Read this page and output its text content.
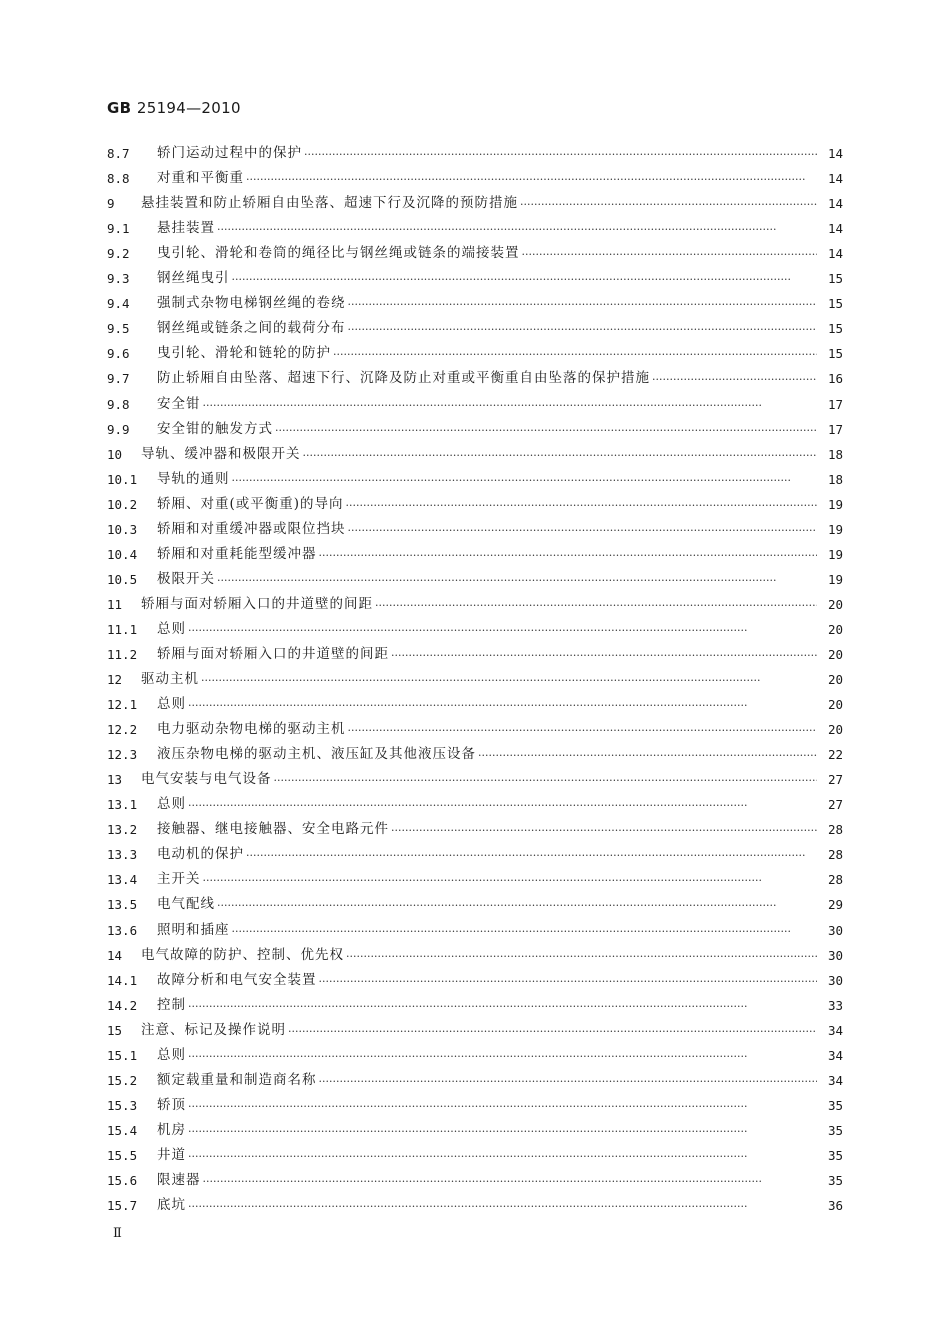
GB 25194—2010
8.7	轿门运动过程中的保护 ·····	14
8.8	对重和平衡重 ·····	14
9	悬挂装置和防止轿厢自由坠落、超速下行及沉降的预防措施 ·····	14
9.1	悬挂装置 ·····	14
9.2	曳引轮、滑轮和卷筒的绳径比与钢丝绳或链条的端接装置 ·····	14
9.3	钢丝绳曳引 ·····	15
9.4	强制式杂物电梯钢丝绳的卷绕 ·····	15
9.5	钢丝绳或链条之间的载荷分布 ·····	15
9.6	曳引轮、滑轮和链轮的防护 ·····	15
9.7	防止轿厢自由坠落、超速下行、沉降及防止对重或平衡重自由坠落的保护措施 ·····	16
9.8	安全钳 ·····	17
9.9	安全钳的触发方式 ·····	17
10	导轨、缓冲器和极限开关 ·····	18
10.1	导轨的通则 ·····	18
10.2	轿厢、对重(或平衡重)的导向 ·····	19
10.3	轿厢和对重缓冲器或限位挡块 ·····	19
10.4	轿厢和对重耗能型缓冲器 ·····	19
10.5	极限开关 ·····	19
11	轿厢与面对轿厢入口的井道壁的间距 ·····	20
11.1	总则 ·····	20
11.2	轿厢与面对轿厢入口的井道壁的间距 ·····	20
12	驱动主机 ·····	20
12.1	总则 ·····	20
12.2	电力驱动杂物电梯的驱动主机 ·····	20
12.3	液压杂物电梯的驱动主机、液压缸及其他液压设备 ·····	22
13	电气安装与电气设备 ·····	27
13.1	总则 ·····	27
13.2	接触器、继电接触器、安全电路元件 ·····	28
13.3	电动机的保护 ·····	28
13.4	主开关 ·····	28
13.5	电气配线 ·····	29
13.6	照明和插座 ·····	30
14	电气故障的防护、控制、优先权 ·····	30
14.1	故障分析和电气安全装置 ·····	30
14.2	控制 ·····	33
15	注意、标记及操作说明 ·····	34
15.1	总则 ·····	34
15.2	额定载重量和制造商名称 ·····	34
15.3	轿顶 ·····	35
15.4	机房 ·····	35
15.5	井道 ·····	35
15.6	限速器 ·····	35
15.7	底坑 ·····	36
Ⅱ
